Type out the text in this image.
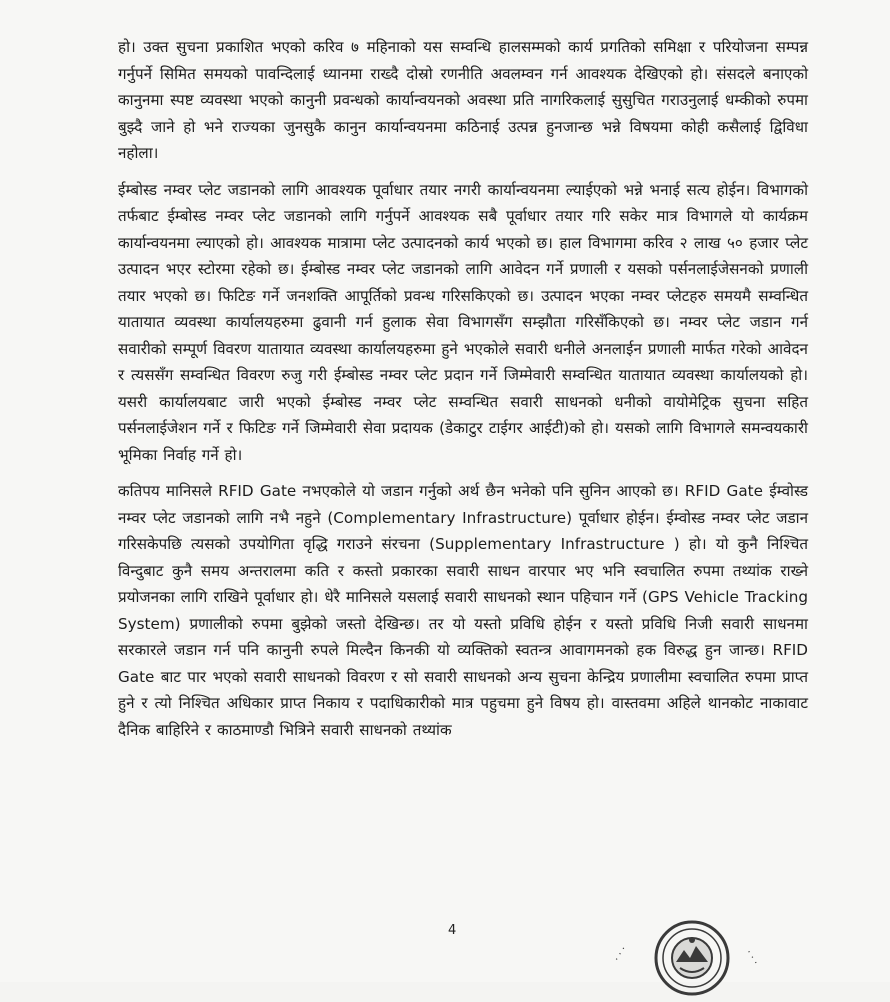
हो। उक्त सुचना प्रकाशित भएको करिव ७ महिनाको यस सम्वन्धि हालसम्मको कार्य प्रगतिको समिक्षा र परियोजना सम्पन्न गर्नुपर्ने सिमित समयको पावन्दिलाई ध्यानमा राख्दै दोस्रो रणनीति अवलम्वन गर्न आवश्यक देखिएको हो। संसदले बनाएको कानुनमा स्पष्ट व्यवस्था भएको कानुनी प्रवन्धको कार्यान्वयनको अवस्था प्रति नागरिकलाई सुसुचित गराउनुलाई धम्कीको रुपमा बुझ्दै जाने हो भने राज्यका जुनसुकै कानुन कार्यान्वयनमा कठिनाई उत्पन्न हुनजान्छ भन्ने विषयमा कोही कसैलाई द्विविधा नहोला।

ईम्बोस्ड नम्वर प्लेट जडानको लागि आवश्यक पूर्वाधार तयार नगरी कार्यान्वयनमा ल्याईएको भन्ने भनाई सत्य होईन। विभागको तर्फबाट ईम्बोस्ड नम्वर प्लेट जडानको लागि गर्नुपर्ने आवश्यक सबै पूर्वाधार तयार गरि सकेर मात्र विभागले यो कार्यक्रम कार्यान्वयनमा ल्याएको हो। आवश्यक मात्रामा प्लेट उत्पादनको कार्य भएको छ। हाल विभागमा करिव २ लाख ५० हजार प्लेट उत्पादन भएर स्टोरमा रहेको छ। ईम्बोस्ड नम्वर प्लेट जडानको लागि आवेदन गर्ने प्रणाली र यसको पर्सनलाईजेसनको प्रणाली तयार भएको छ। फिटिङ गर्ने जनशक्ति आपूर्तिको प्रवन्ध गरिसकिएको छ। उत्पादन भएका नम्वर प्लेटहरु समयमै सम्वन्धित यातायात व्यवस्था कार्यालयहरुमा ढुवानी गर्न हुलाक सेवा विभागसँग सम्झौता गरिसँकिएको छ। नम्वर प्लेट जडान गर्न सवारीको सम्पूर्ण विवरण यातायात व्यवस्था कार्यालयहरुमा हुने भएकोले सवारी धनीले अनलाईन प्रणाली मार्फत गरेको आवेदन र त्यससँग सम्वन्धित विवरण रुजु गरी ईम्बोस्ड नम्वर प्लेट प्रदान गर्ने जिम्मेवारी सम्वन्धित यातायात व्यवस्था कार्यालयको हो। यसरी कार्यालयबाट जारी भएको ईम्बोस्ड नम्वर प्लेट सम्वन्धित सवारी साधनको धनीको वायोमेट्रिक सुचना सहित पर्सनलाईजेशन गर्ने र फिटिङ गर्ने जिम्मेवारी सेवा प्रदायक (डेकाटुर टाईगर आईटी)को हो। यसको लागि विभागले समन्वयकारी भूमिका निर्वाह गर्ने हो।

कतिपय मानिसले RFID Gate नभएकोले यो जडान गर्नुको अर्थ छैन भनेको पनि सुनिन आएको छ। RFID Gate ईम्वोस्ड नम्वर प्लेट जडानको लागि नभै नहुने (Complementary Infrastructure) पूर्वाधार होईन। ईम्वोस्ड नम्वर प्लेट जडान गरिसकेपछि त्यसको उपयोगिता वृद्धि गराउने संरचना (Supplementary Infrastructure ) हो। यो कुनै निश्चित विन्दुबाट कुनै समय अन्तरालमा कति र कस्तो प्रकारका सवारी साधन वारपार भए भनि स्वचालित रुपमा तथ्यांक राख्ने प्रयोजनका लागि राखिने पूर्वाधार हो। धेरै मानिसले यसलाई सवारी साधनको स्थान पहिचान गर्ने (GPS Vehicle Tracking System) प्रणालीको रुपमा बुझेको जस्तो देखिन्छ। तर यो यस्तो प्रविधि होईन र यस्तो प्रविधि निजी सवारी साधनमा सरकारले जडान गर्न पनि कानुनी रुपले मिल्दैन किनकी यो व्यक्तिको स्वतन्त्र आवागमनको हक विरुद्ध हुन जान्छ। RFID Gate बाट पार भएको सवारी साधनको विवरण र सो सवारी साधनको अन्य सुचना केन्द्रिय प्रणालीमा स्वचालित रुपमा प्राप्त हुने र त्यो निश्चित अधिकार प्राप्त निकाय र पदाधिकारीको मात्र पहुचमा हुने विषय हो। वास्तवमा अहिले थानकोट नाकावाट दैनिक बाहिरिने र काठमाण्डौ भित्रिने सवारी साधनको तथ्यांक

4
· · ·	· · ·
